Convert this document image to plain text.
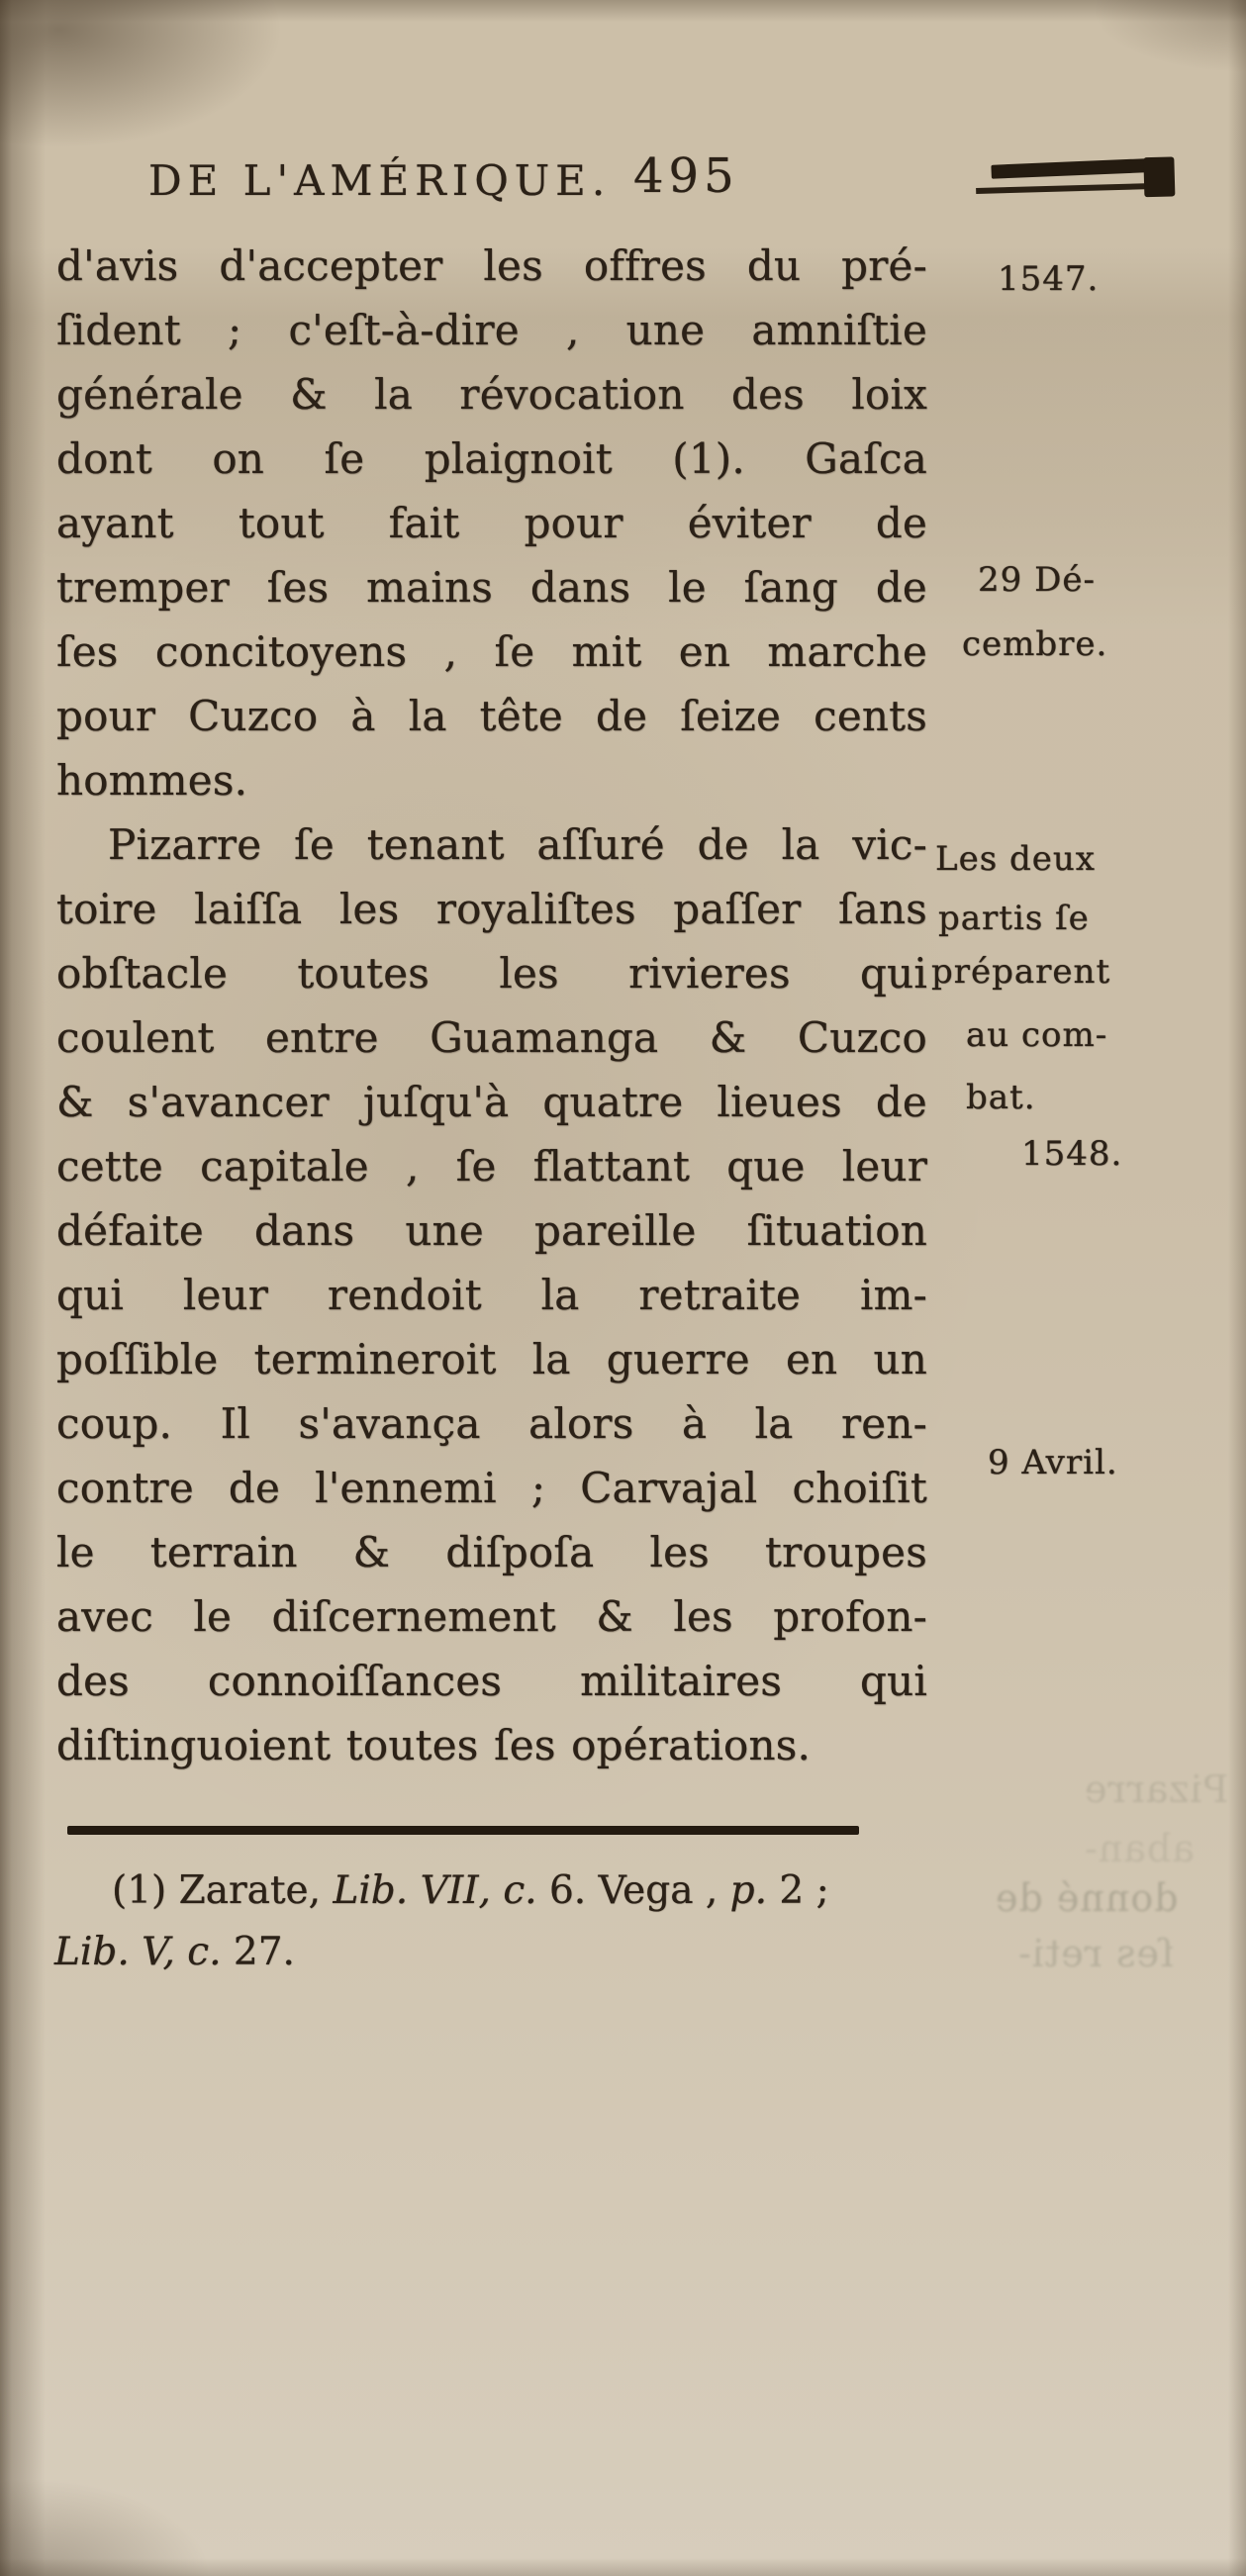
DE L'AMÉRIQUE. 495
d'avis d'accepter les offres du pré-
ſident ; c'eſt-à-dire , une amniſtie
générale & la révocation des loix
dont on ſe plaignoit (1). Gaſca
ayant tout fait pour éviter de
tremper ſes mains dans le ſang de
ſes concitoyens , ſe mit en marche
pour Cuzco à la tête de ſeize cents
hommes.
Pizarre ſe tenant aſſuré de la vic-
toire laiſſa les royaliſtes paſſer ſans
obſtacle toutes les rivieres qui
coulent entre Guamanga & Cuzco
& s'avancer juſqu'à quatre lieues de
cette capitale , ſe flattant que leur
défaite dans une pareille ſituation
qui leur rendoit la retraite im-
poſſible termineroit la guerre en un
coup. Il s'avança alors à la ren-
contre de l'ennemi ; Carvajal choiſit
le terrain & diſpoſa les troupes
avec le diſcernement & les profon-
des connoiſſances militaires qui
diſtinguoient toutes ſes opérations.
1547.
29 Dé-
cembre.
Les deux
partis ſe
préparent
au com-
bat.
1548.
9 Avril.
Pizarre
aban-
donné de
ſes reti-
(1) Zarate, Lib. VII, c. 6. Vega , p. 2 ;
Lib. V, c. 27.
